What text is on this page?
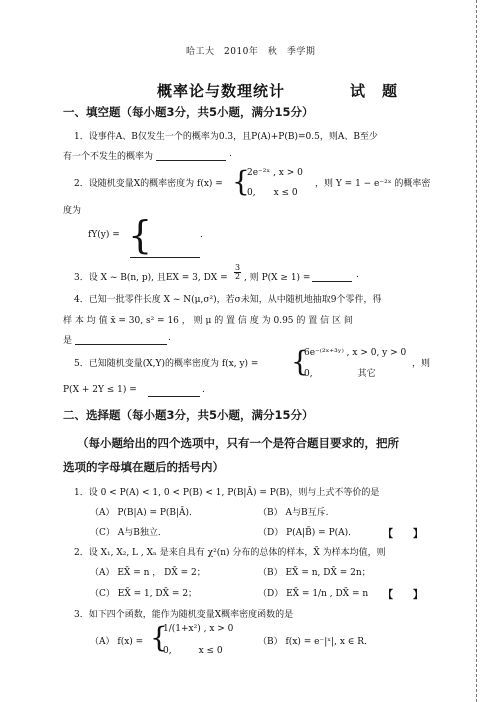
哈工大　2010年　秋　季学期
概率论与数理统计	试　题
一、填空题（每小题3分，共5小题，满分15分）
1．设事件A、B仅发生一个的概率为0.3，且P(A)+P(B)=0.5，则A、B至少
有一个不发生的概率为	.
2．设随机变量X的概率密度为 f(x) = {
2e⁻²ˣ , x > 0
0,　　x ≤ 0
，则 Y = 1 − e⁻²ˣ 的概率密
度为
fY(y) = {	.
3．设 X ~ B(n, p), 且EX = 3, DX = $\frac{3}{2}$ , 则 P(X ≥ 1) =	.
4．已知一批零件长度 X ~ N(μ,σ²)，若σ未知，从中随机地抽取9个零件，得
样 本 均 值 x̄ = 30, s² = 16 ， 则 μ 的 置 信 度 为 0.95 的 置 信 区 间
是	.
5．已知随机变量(X,Y)的概率密度为 f(x, y) = {
6e⁻⁽²ˣ⁺³ʸ⁾ , x > 0, y > 0
0,　　　　　其它
，则
P(X + 2Y ≤ 1) =	.
二、选择题（每小题3分，共5小题，满分15分）
（每小题给出的四个选项中，只有一个是符合题目要求的，把所
选项的字母填在题后的括号内）
1．设 0 < P(A) < 1, 0 < P(B) < 1, P(B|Ā) = P(B)，则与上式不等价的是
（A） P(B|A) = P(B|Ā)．	（B） A与B互斥.
（C） A与B独立．	（D） P(A|B̄) = P(A)．	【　　】
2．设 X₁, X₂, L , Xₙ 是来自具有 χ²(n) 分布的总体的样本，X̄ 为样本均值，则
（A） EX̄ = n ， DX̄ = 2；	（B） EX̄ = n, DX̄ = 2n；
（C） EX̄ = 1, DX̄ = 2；	（D） EX̄ = 1/n , DX̄ = n 【　　】
3．如下四个函数，能作为随机变量X概率密度函数的是
（A） f(x) = {
1/(1+x²) , x > 0
0,　　　x ≤ 0
（B） f(x) = e⁻|ˣ|, x ∈ R．
